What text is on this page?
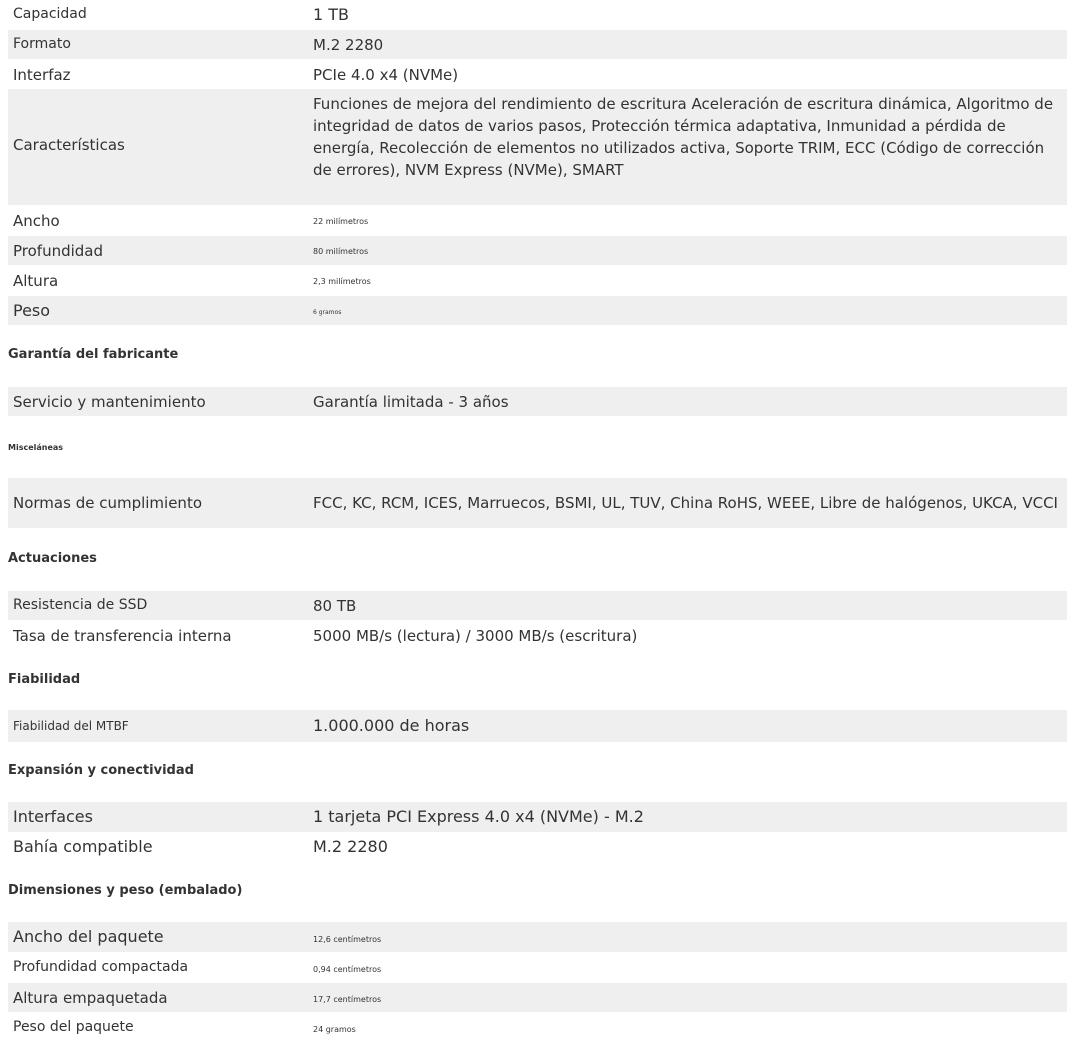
Capacidad	1 TB
Formato	M.2 2280
Interfaz	PCIe 4.0 x4 (NVMe)
Características
Funciones de mejora del rendimiento de escritura Aceleración de escritura dinámica, Algoritmo de integridad de datos de varios pasos, Protección térmica adaptativa, Inmunidad a pérdida de energía, Recolección de elementos no utilizados activa, Soporte TRIM, ECC (Código de corrección de errores), NVM Express (NVMe), SMART
Ancho	22 milímetros
Profundidad	80 milímetros
Altura	2,3 milímetros
Peso	6 gramos
Garantía del fabricante
Servicio y mantenimiento	Garantía limitada - 3 años
Misceláneas
Normas de cumplimiento	FCC, KC, RCM, ICES, Marruecos, BSMI, UL, TUV, China RoHS, WEEE, Libre de halógenos, UKCA, VCCI
Actuaciones
Resistencia de SSD	80 TB
Tasa de transferencia interna	5000 MB/s (lectura) / 3000 MB/s (escritura)
Fiabilidad
Fiabilidad del MTBF	1.000.000 de horas
Expansión y conectividad
Interfaces	1 tarjeta PCI Express 4.0 x4 (NVMe) - M.2
Bahía compatible	M.2 2280
Dimensiones y peso (embalado)
Ancho del paquete	12,6 centímetros
Profundidad compactada	0,94 centímetros
Altura empaquetada	17,7 centímetros
Peso del paquete	24 gramos
